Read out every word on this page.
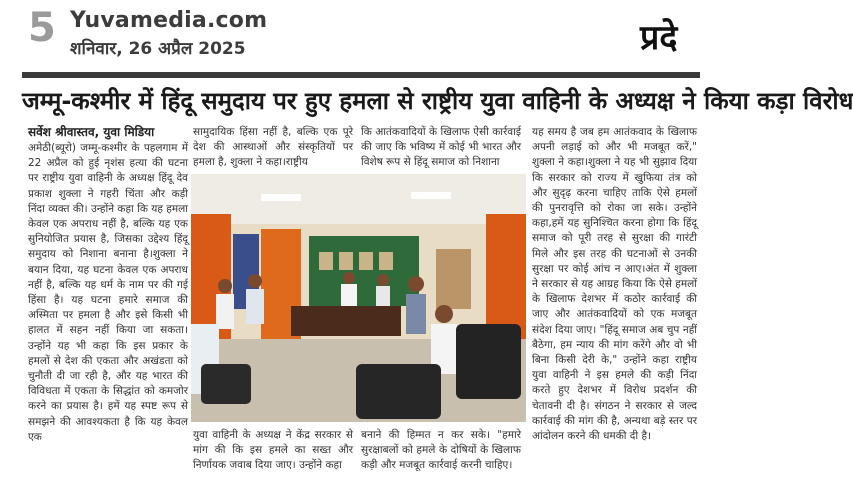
5 Yuvamedia.com
शनिवार, 26 अप्रैल 2025	प्रदे
जम्मू-कश्मीर में हिंदू समुदाय पर हुए हमला से राष्ट्रीय युवा वाहिनी के अध्यक्ष ने किया कड़ा विरोध
सर्वेश श्रीवास्तव, युवा मिडिया
अमेठी(ब्यूरो) जम्मू-कश्मीर के पहलगाम में 22 अप्रैल को हुई नृशंस हत्या की घटना पर राष्ट्रीय युवा वाहिनी के अध्यक्ष हिंदू देव प्रकाश शुक्ला ने गहरी चिंता और कड़ी निंदा व्यक्त की। उन्होंने कहा कि यह हमला केवल एक अपराध नहीं है, बल्कि यह एक सुनियोजित प्रयास है, जिसका उद्देश्य हिंदू समुदाय को निशाना बनाना है।शुक्ला ने बयान दिया, यह घटना केवल एक अपराध नहीं है, बल्कि यह धर्म के नाम पर की गई हिंसा है। यह घटना हमारे समाज की अस्मिता पर हमला है और इसे किसी भी हालत में सहन नहीं किया जा सकता। उन्होंने यह भी कहा कि इस प्रकार के हमलों से देश की एकता और अखंडता को चुनौती दी जा रही है, और यह भारत की विविधता में एकता के सिद्धांत को कमजोर करने का प्रयास है। हमें यह स्पष्ट रूप से समझने की आवश्यकता है कि यह केवल एक
सामुदायिक हिंसा नहीं है, बल्कि एक पूरे देश की आस्थाओं और संस्कृतियों पर हमला है, शुक्ला ने कहा।राष्ट्रीय
कि आतंकवादियों के खिलाफ ऐसी कार्रवाई की जाए कि भविष्य में कोई भी भारत और विशेष रूप से हिंदू समाज को निशाना
यह समय है जब हम आतंकवाद के खिलाफ अपनी लड़ाई को और भी मजबूत करें," शुक्ला ने कहा।शुक्ला ने यह भी सुझाव दिया कि सरकार को राज्य में खुफिया तंत्र को और सुदृढ़ करना चाहिए ताकि ऐसे हमलों की पुनरावृत्ति को रोका जा सके। उन्होंने कहा,हमें यह सुनिश्चित करना होगा कि हिंदू समाज को पूरी तरह से सुरक्षा की गारंटी मिले और इस तरह की घटनाओं से उनकी सुरक्षा पर कोई आंच न आए।अंत में शुक्ला ने सरकार से यह आग्रह किया कि ऐसे हमलों के खिलाफ देशभर में कठोर कार्रवाई की जाए और आतंकवादियों को एक मजबूत संदेश दिया जाए। "हिंदू समाज अब चुप नहीं बैठेगा, हम न्याय की मांग करेंगे और वो भी बिना किसी देरी के," उन्होंने कहा राष्ट्रीय युवा वाहिनी ने इस हमले की कड़ी निंदा करते हुए देशभर में विरोध प्रदर्शन की चेतावनी दी है। संगठन ने सरकार से जल्द कार्रवाई की मांग की है, अन्यथा बड़े स्तर पर आंदोलन करने की धमकी दी है।
युवा वाहिनी के अध्यक्ष ने केंद्र सरकार से मांग की कि इस हमले का सख्त और निर्णायक जवाब दिया जाए। उन्होंने कहा
बनाने की हिम्मत न कर सके। "हमारे सुरक्षाबलों को हमले के दोषियों के खिलाफ कड़ी और मजबूत कार्रवाई करनी चाहिए।
